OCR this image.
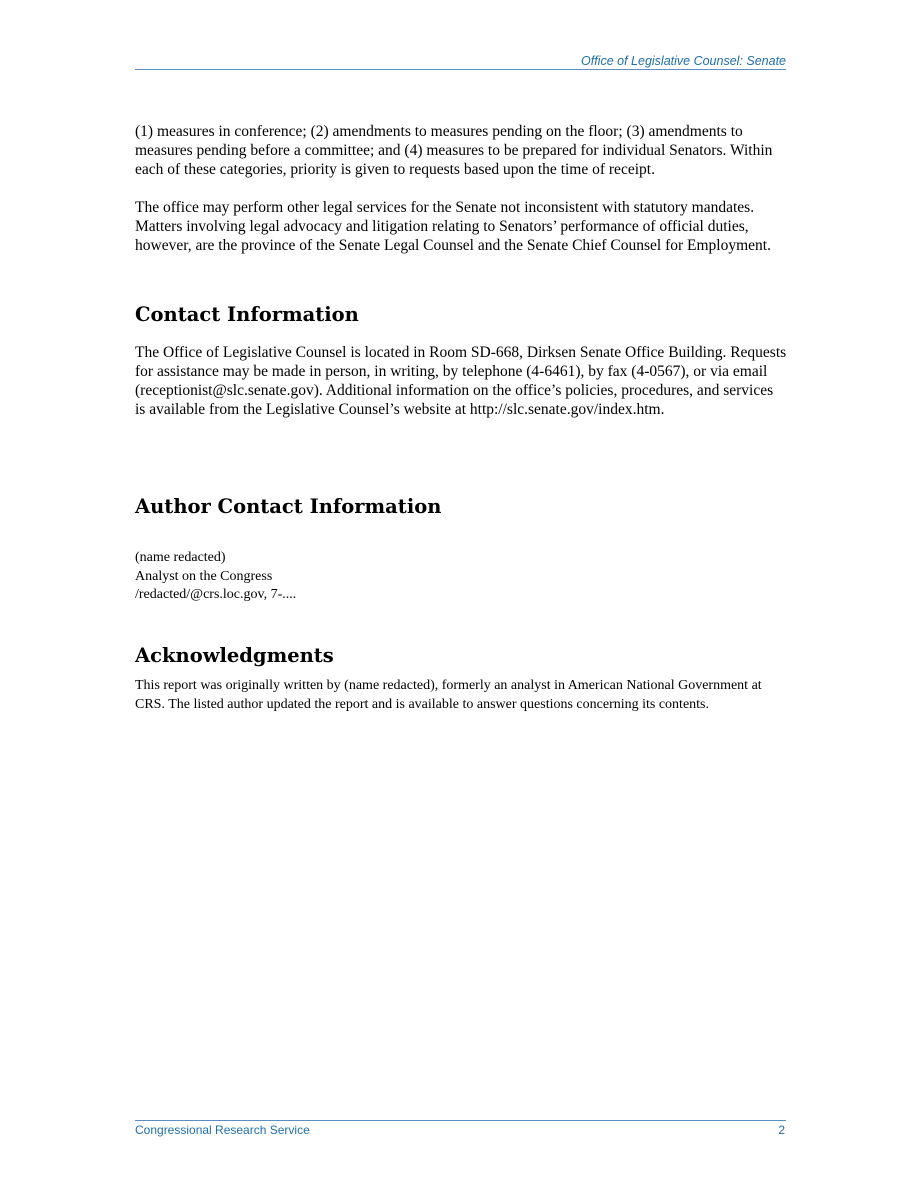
Office of Legislative Counsel: Senate

(1) measures in conference; (2) amendments to measures pending on the floor; (3) amendments to measures pending before a committee; and (4) measures to be prepared for individual Senators. Within each of these categories, priority is given to requests based upon the time of receipt.

The office may perform other legal services for the Senate not inconsistent with statutory mandates. Matters involving legal advocacy and litigation relating to Senators’ performance of official duties, however, are the province of the Senate Legal Counsel and the Senate Chief Counsel for Employment.

Contact Information

The Office of Legislative Counsel is located in Room SD-668, Dirksen Senate Office Building. Requests for assistance may be made in person, in writing, by telephone (4-6461), by fax (4-0567), or via email (receptionist@slc.senate.gov). Additional information on the office’s policies, procedures, and services is available from the Legislative Counsel’s website at http://slc.senate.gov/index.htm.

Author Contact Information
(name redacted)
Analyst on the Congress
/redacted/@crs.loc.gov, 7-....
Acknowledgments

This report was originally written by (name redacted), formerly an analyst in American National Government at CRS. The listed author updated the report and is available to answer questions concerning its contents.

Congressional Research Service	2
